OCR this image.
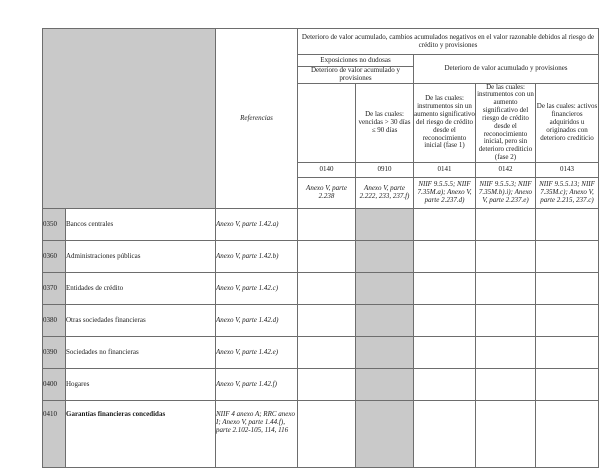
		Referencias	Deterioro de valor acumulado, cambios acumulados negativos en el valor razonable debidos al riesgo de crédito y provisiones				
			Exposiciones no dudosas		Deterioro de valor acumulado y provisiones		
			Deterioro de valor acumulado y provisiones				
				De las cuales: vencidas > 30 días ≤ 90 días	De las cuales: instrumentos sin un aumento significativo del riesgo de crédito desde el reconocimiento inicial (fase 1)	De las cuales: instrumentos con un aumento significativo del riesgo de crédito desde el reconocimiento inicial, pero sin deterioro crediticio (fase 2)	De las cuales: activos financieros adquiridos u originados con deterioro crediticio
			0140	0910	0141	0142	0143
			Anexo V, parte 2.238	Anexo V, parte 2.222, 233, 237.f)	NIIF 9.5.5.5; NIIF 7.35M.a); Anexo V, parte 2.237.d)	NIIF 9.5.5.3; NIIF 7.35M.b).i); Anexo V, parte 2.237.e)	NIIF 9.5.5.13; NIIF 7.35M.c); Anexo V, parte 2.215, 237.c)
0350	Bancos centrales	Anexo V, parte 1.42.a)					
0360	Administraciones públicas	Anexo V, parte 1.42.b)					
0370	Entidades de crédito	Anexo V, parte 1.42.c)					
0380	Otras sociedades financieras	Anexo V, parte 1.42.d)					
0390	Sociedades no financieras	Anexo V, parte 1.42.e)					
0400	Hogares	Anexo V, parte 1.42.f)					
0410	Garantías financieras concedidas	NIIF 4 anexo A; RRC anexo I; Anexo V, parte 1.44.f), parte 2.102-105, 114, 116					
